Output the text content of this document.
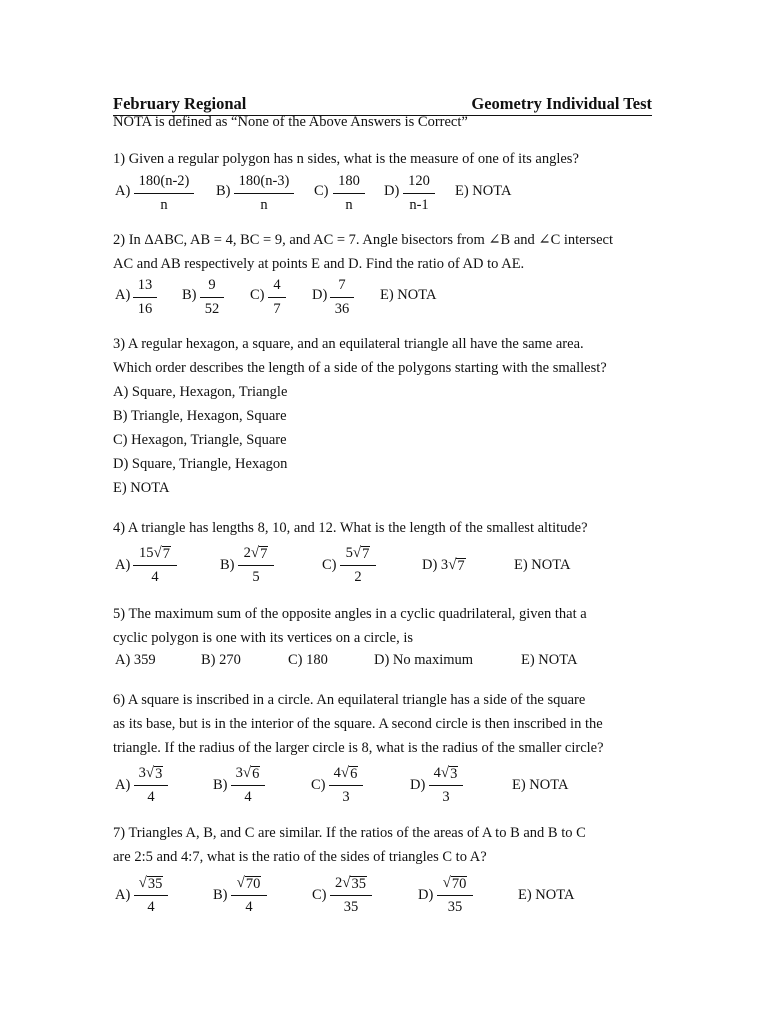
February Regional	Geometry Individual Test
NOTA is defined as “None of the Above Answers is Correct”
1) Given a regular polygon has n sides, what is the measure of one of its angles?
A)
180(n-2)
n
B)
180(n-3)
n
C)
180
n
D)
120
n-1
E) NOTA
2) In ΔABC, AB = 4, BC = 9, and AC = 7. Angle bisectors from ∠B and ∠C intersect
AC and AB respectively at points E and D. Find the ratio of AD to AE.
A)
13
16
B)
9
52
C)
4
7
D)
7
36
E) NOTA
3) A regular hexagon, a square, and an equilateral triangle all have the same area.
Which order describes the length of a side of the polygons starting with the smallest?
A) Square, Hexagon, Triangle
B) Triangle, Hexagon, Square
C) Hexagon, Triangle, Square
D) Square, Triangle, Hexagon
E) NOTA
4) A triangle has lengths 8, 10, and 12. What is the length of the smallest altitude?
A)
15 √ 7
4
B)
2 √ 7
5
C)
5 √ 7
2
D) 3 √ 7	E) NOTA
5) The maximum sum of the opposite angles in a cyclic quadrilateral, given that a
cyclic polygon is one with its vertices on a circle, is
A) 359	B) 270	C) 180	D) No maximum	E) NOTA
6) A square is inscribed in a circle. An equilateral triangle has a side of the square
as its base, but is in the interior of the square. A second circle is then inscribed in the
triangle. If the radius of the larger circle is 8, what is the radius of the smaller circle?
A)
3 √ 3
4
B)
3 √ 6
4
C)
4 √ 6
3
D)
4 √ 3
3
E) NOTA
7) Triangles A, B, and C are similar. If the ratios of the areas of A to B and B to C
are 2:5 and 4:7, what is the ratio of the sides of triangles C to A?
A)
√ 35
4
B)
√ 70
4
C)
2 √ 35
35
D)
√ 70
35
E) NOTA
